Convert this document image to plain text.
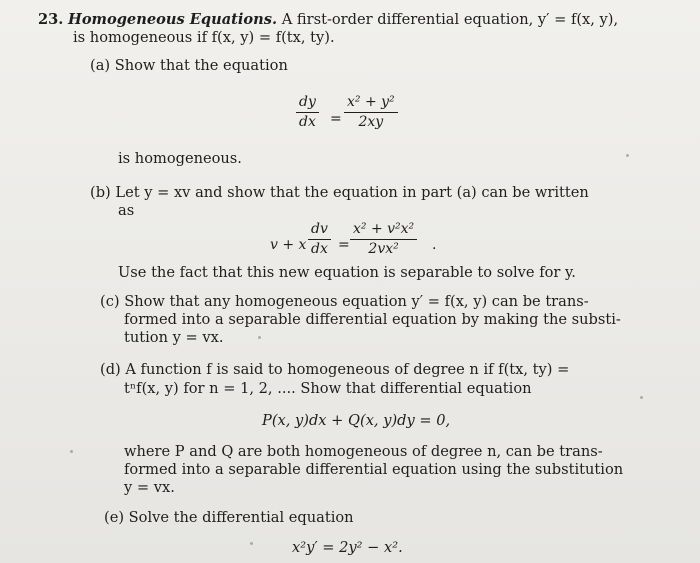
23. Homogeneous Equations. A first-order differential equation, y′ = f(x, y),
is homogeneous if f(x, y) = f(tx, ty).
(a) Show that the equation
dy
dx =
x² + y²
2xy
is homogeneous.
(b) Let y = xv and show that the equation in part (a) can be written
as
v + x
dv
dx =
x² + v²x²
2vx²	.
Use the fact that this new equation is separable to solve for y.
(c) Show that any homogeneous equation y′ = f(x, y) can be trans-
formed into a separable differential equation by making the substi-
tution y = vx.
(d) A function f is said to homogeneous of degree n if f(tx, ty) =
tⁿf(x, y) for n = 1, 2, .... Show that differential equation
P(x, y)dx + Q(x, y)dy = 0,
where P and Q are both homogeneous of degree n, can be trans-
formed into a separable differential equation using the substitution
y = vx.
(e) Solve the differential equation
x²y′ = 2y² − x².
